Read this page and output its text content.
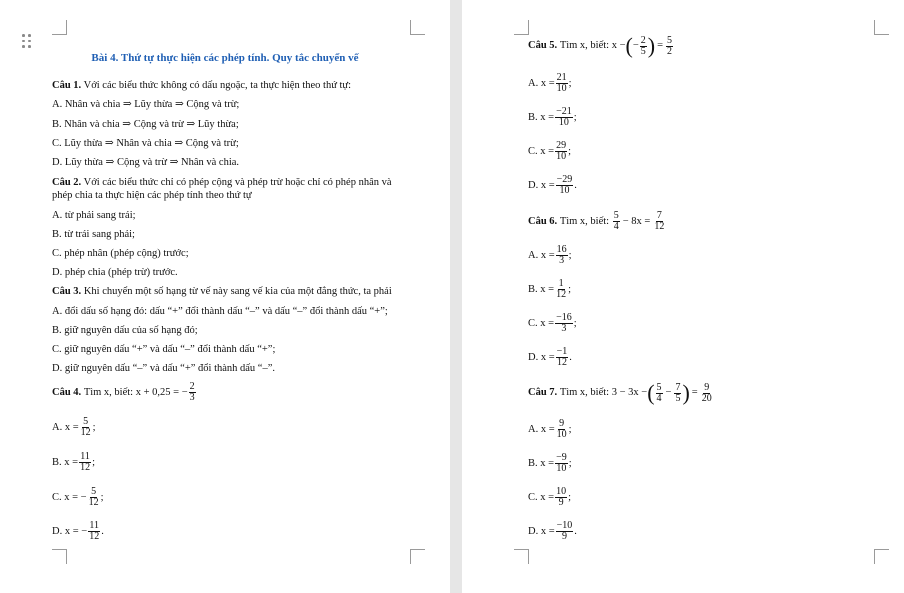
Bài 4. Thứ tự thực hiện các phép tính. Quy tắc chuyển vế
Câu 1. Với các biểu thức không có dấu ngoặc, ta thực hiện theo thứ tự:
A. Nhân và chia ⇒ Lũy thừa ⇒ Cộng và trừ;
B. Nhân và chia ⇒ Cộng và trừ ⇒ Lũy thừa;
C. Lũy thừa ⇒ Nhân và chia ⇒ Cộng và trừ;
D. Lũy thừa ⇒ Cộng và trừ ⇒ Nhân và chia.
Câu 2. Với các biểu thức chỉ có phép cộng và phép trừ hoặc chỉ có phép nhân và
phép chia ta thực hiện các phép tính theo thứ tự
A. từ phải sang trái;
B. từ trái sang phải;
C. phép nhân (phép cộng) trước;
D. phép chia (phép trừ) trước.
Câu 3. Khi chuyển một số hạng từ vế này sang vế kia của một đẳng thức, ta phải
A. đổi dấu số hạng đó: dấu “+” đổi thành dấu “–” và dấu “–” đổi thành dấu “+”;
B. giữ nguyên dấu của số hạng đó;
C. giữ nguyên dấu “+” và dấu “–” đổi thành dấu “+”;
D. giữ nguyên dấu “–” và dấu “+” đổi thành dấu “–”.
Câu 4.
Tìm x, biết:
x + 0,25 = − $\frac{2}{3}$
A.
$x = \frac{5}{12}$ ;
B.
$x = \frac{11}{12}$ ;
C.
x = − $\frac{5}{12}$ ;
D.
x = − $\frac{11}{12}$ .
Câu 5.
Tìm x, biết:
x − ( − $\frac{2}{5}$ ) = $\frac{5}{2}$
A.
$x = \frac{21}{10}$ ;
B.
$x = \frac{-21}{10}$ ;
C.
$x = \frac{29}{10}$ ;
D.
$x = \frac{-29}{10}$ .
Câu 6.
Tìm x, biết:
$\frac{5}{4} - 8x = \frac{7}{12}$
A.
$x = \frac{16}{3}$ ;
B.
$x = \frac{1}{12}$ ;
C.
$x = \frac{-16}{3}$ ;
D.
$x = \frac{-1}{12}$ .
Câu 7.
Tìm x, biết:
3 − 3x − ( $\frac{5}{4} - \frac{7}{5}$ ) = $\frac{9}{20}$
A.
$x = \frac{9}{10}$ ;
B.
$x = \frac{-9}{10}$ ;
C.
$x = \frac{10}{9}$ ;
D.
$x = \frac{-10}{9}$ .
